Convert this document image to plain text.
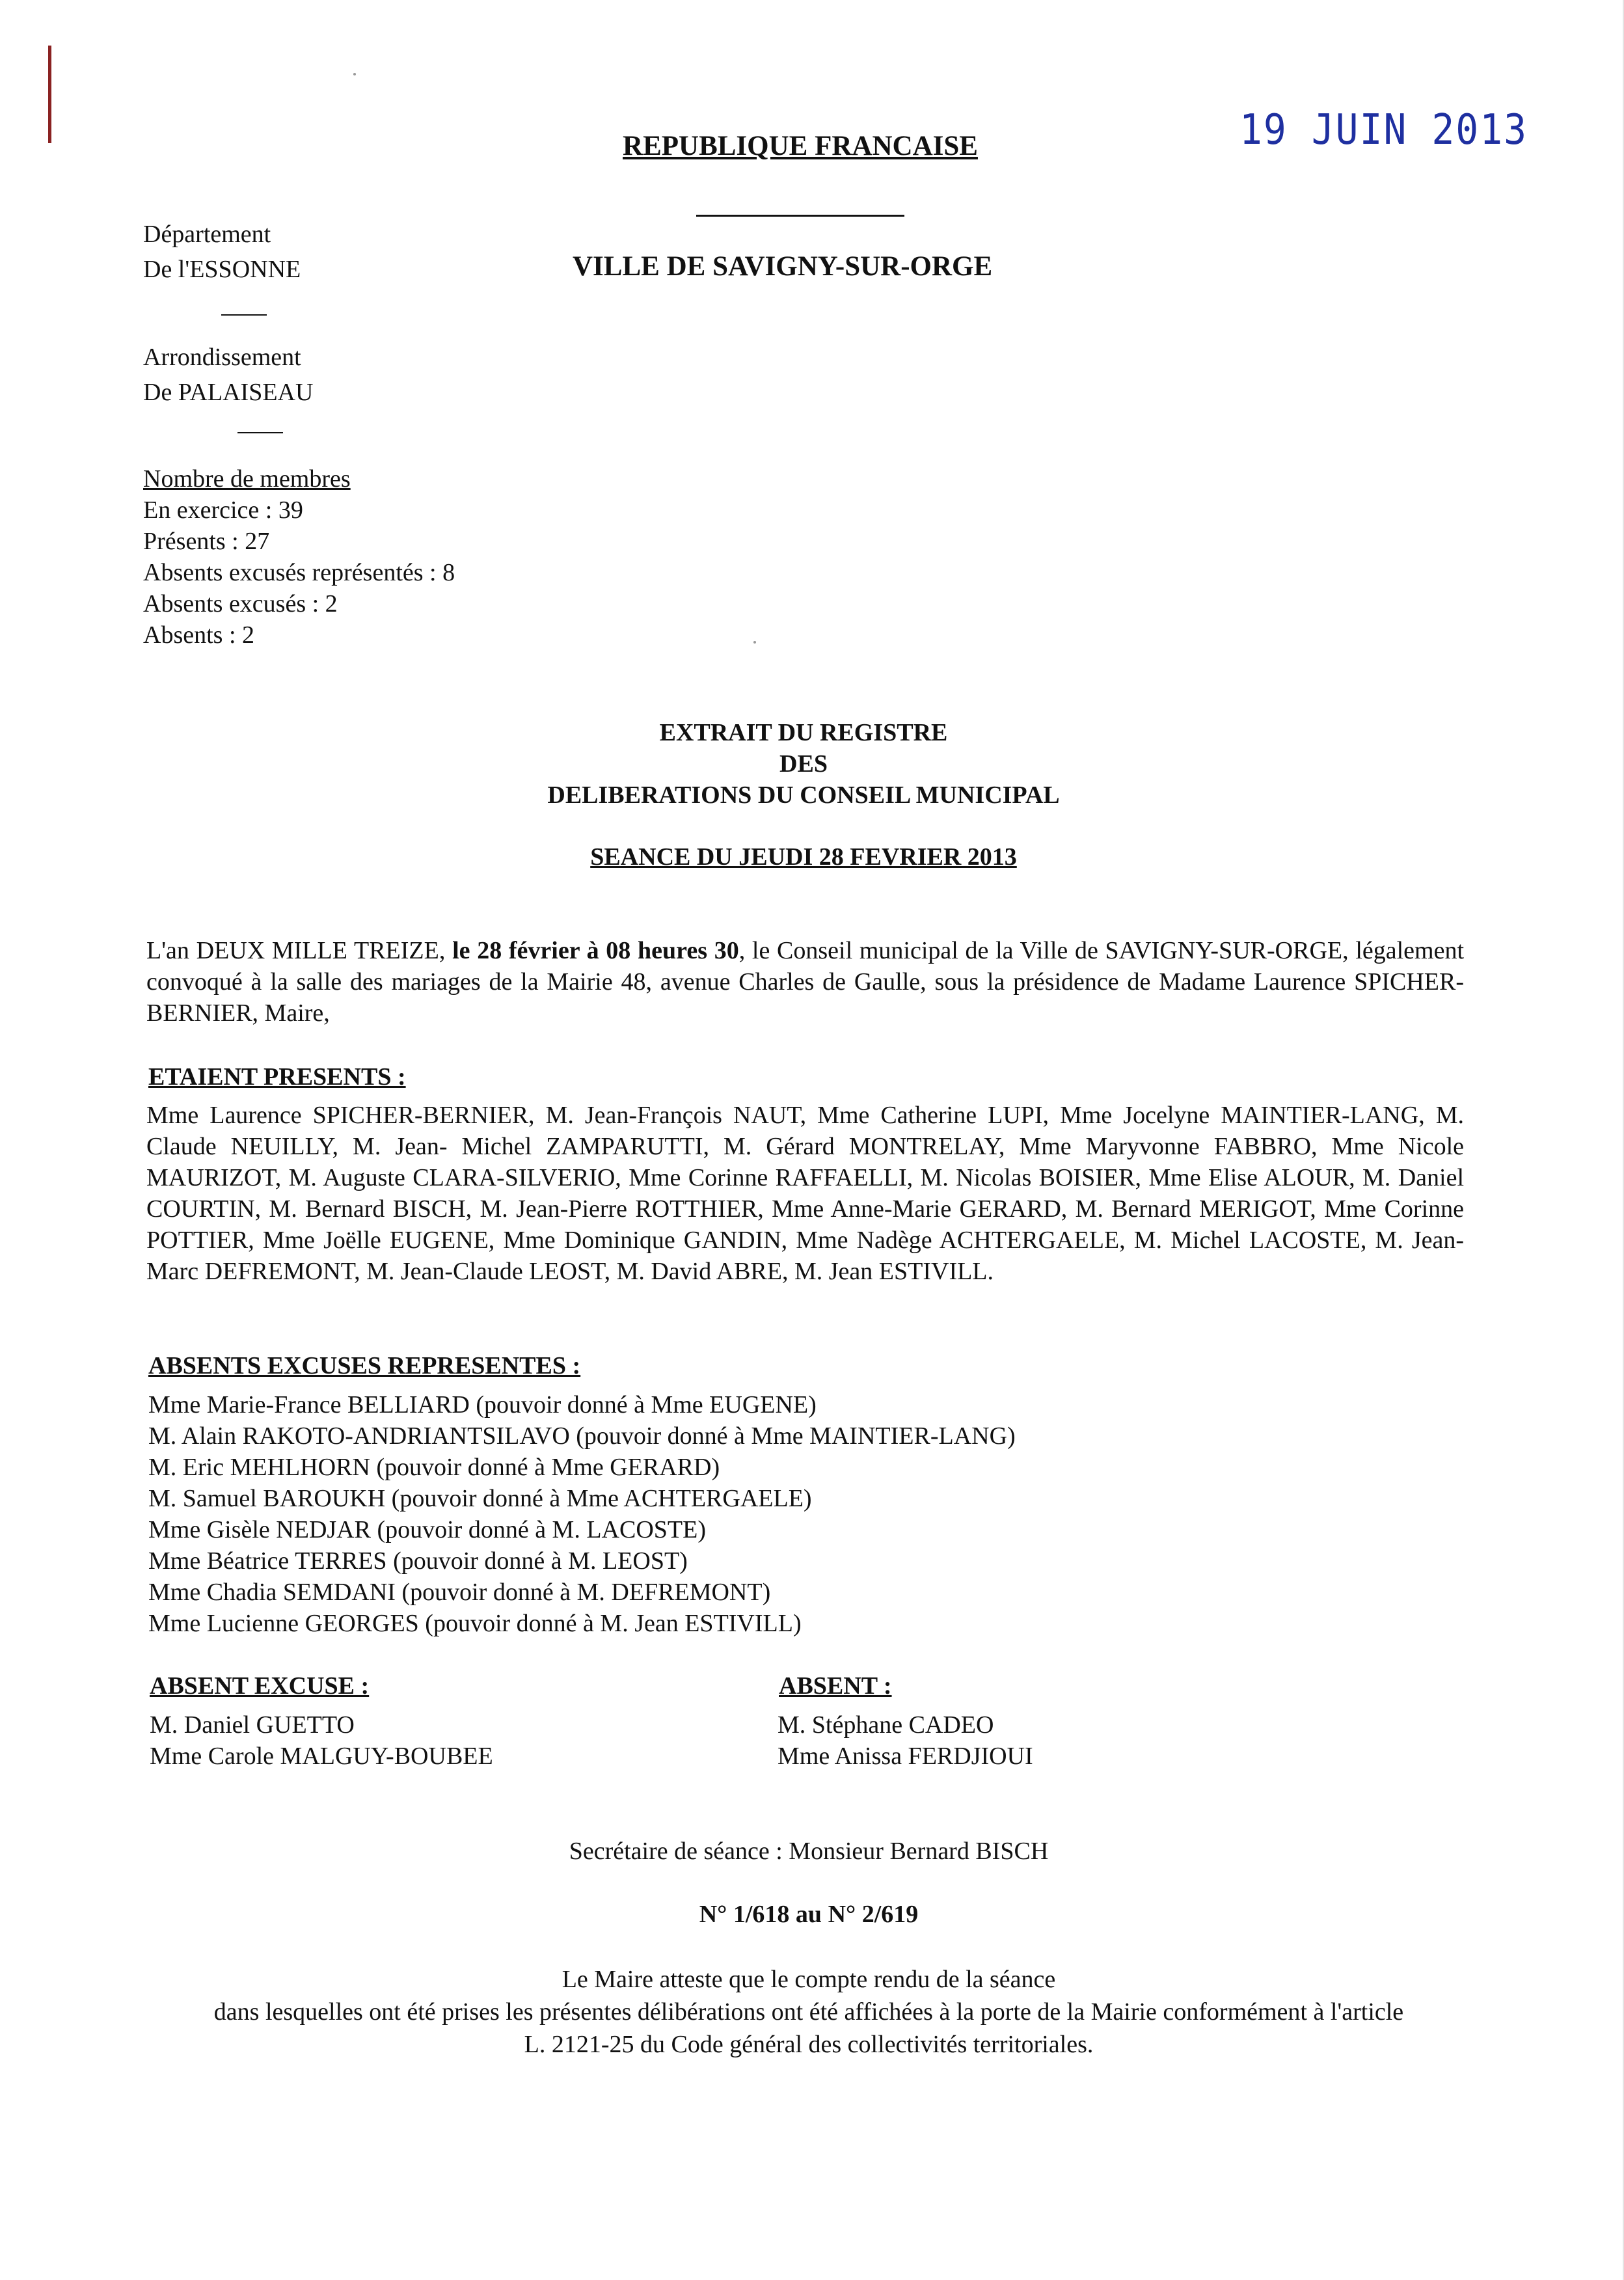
REPUBLIQUE FRANCAISE	19 JUIN 2013
VILLE DE SAVIGNY-SUR-ORGE
Département
De l'ESSONNE
Arrondissement
De PALAISEAU
Nombre de membres
En exercice : 39
Présents : 27
Absents excusés représentés : 8
Absents excusés : 2
Absents : 2
EXTRAIT DU REGISTRE
DES
DELIBERATIONS DU CONSEIL MUNICIPAL
SEANCE DU JEUDI 28 FEVRIER 2013
L'an DEUX MILLE TREIZE, le 28 février à 08 heures 30, le Conseil municipal de la Ville de SAVIGNY-SUR-ORGE, légalement convoqué à la salle des mariages de la Mairie 48, avenue Charles de Gaulle, sous la présidence de Madame Laurence SPICHER-BERNIER, Maire,
ETAIENT PRESENTS :
Mme Laurence SPICHER-BERNIER, M. Jean-François NAUT, Mme Catherine LUPI, Mme Jocelyne MAINTIER-LANG, M. Claude NEUILLY, M. Jean- Michel ZAMPARUTTI, M. Gérard MONTRELAY, Mme Maryvonne FABBRO, Mme Nicole MAURIZOT, M. Auguste CLARA-SILVERIO, Mme Corinne RAFFAELLI, M. Nicolas BOISIER, Mme Elise ALOUR, M. Daniel COURTIN, M. Bernard BISCH, M. Jean-Pierre ROTTHIER, Mme Anne-Marie GERARD, M. Bernard MERIGOT, Mme Corinne POTTIER, Mme Joëlle EUGENE, Mme Dominique GANDIN, Mme Nadège ACHTERGAELE, M. Michel LACOSTE, M. Jean-Marc DEFREMONT, M. Jean-Claude LEOST, M. David ABRE, M. Jean ESTIVILL.
ABSENTS EXCUSES REPRESENTES :
Mme Marie-France BELLIARD (pouvoir donné à Mme EUGENE)
M. Alain RAKOTO-ANDRIANTSILAVO (pouvoir donné à Mme MAINTIER-LANG)
M. Eric MEHLHORN (pouvoir donné à Mme GERARD)
M. Samuel BAROUKH (pouvoir donné à Mme ACHTERGAELE)
Mme Gisèle NEDJAR (pouvoir donné à M. LACOSTE)
Mme Béatrice TERRES (pouvoir donné à M. LEOST)
Mme Chadia SEMDANI (pouvoir donné à M. DEFREMONT)
Mme Lucienne GEORGES (pouvoir donné à M. Jean ESTIVILL)
ABSENT EXCUSE :
M. Daniel GUETTO
Mme Carole MALGUY-BOUBEE
ABSENT :
M. Stéphane CADEO
Mme Anissa FERDJIOUI
Secrétaire de séance : Monsieur Bernard BISCH
N° 1/618 au N° 2/619
Le Maire atteste que le compte rendu de la séance
dans lesquelles ont été prises les présentes délibérations ont été affichées à la porte de la Mairie conformément à l'article
L. 2121-25 du Code général des collectivités territoriales.
